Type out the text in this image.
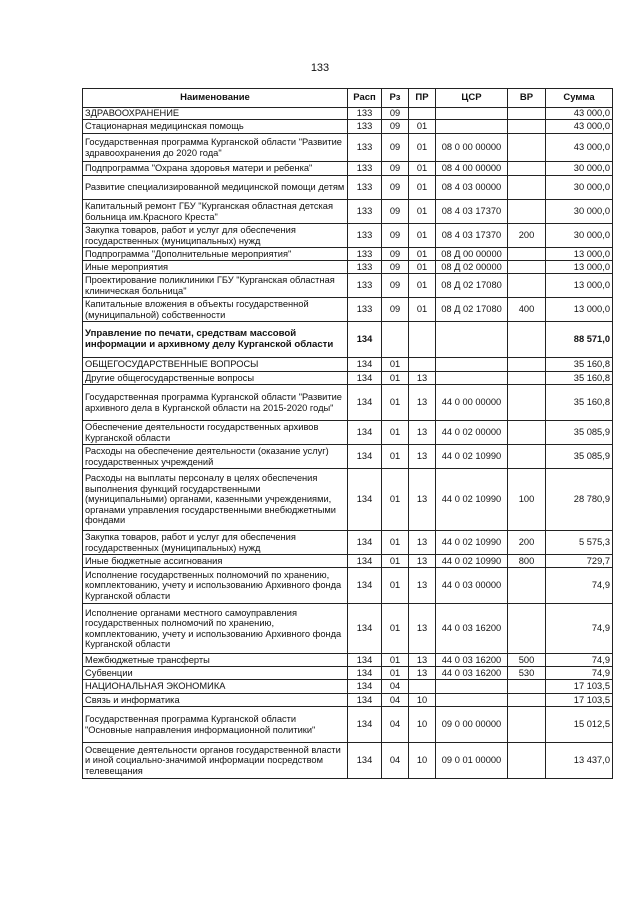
133
Наименование	Расп	Рз	ПР	ЦСР	ВР	Сумма
ЗДРАВООХРАНЕНИЕ	133	09				43 000,0
Стационарная медицинская помощь	133	09	01			43 000,0
Государственная программа Курганской области "Развитие здравоохранения до 2020 года"	133	09	01	08 0 00 00000		43 000,0
Подпрограмма "Охрана здоровья матери и ребенка"	133	09	01	08 4 00 00000		30 000,0
Развитие специализированной медицинской помощи детям	133	09	01	08 4 03 00000		30 000,0
Капитальный ремонт ГБУ "Курганская областная детская больница им.Красного Креста"	133	09	01	08 4 03 17370		30 000,0
Закупка товаров, работ и услуг для обеспечения государственных (муниципальных) нужд	133	09	01	08 4 03 17370	200	30 000,0
Подпрограмма "Дополнительные мероприятия"	133	09	01	08 Д 00 00000		13 000,0
Иные мероприятия	133	09	01	08 Д 02 00000		13 000,0
Проектирование поликлиники ГБУ "Курганская областная клиническая больница"	133	09	01	08 Д 02 17080		13 000,0
Капитальные вложения в объекты государственной (муниципальной) собственности	133	09	01	08 Д 02 17080	400	13 000,0
Управление по печати, средствам массовой информации и архивному делу Курганской области	134					88 571,0
ОБЩЕГОСУДАРСТВЕННЫЕ ВОПРОСЫ	134	01				35 160,8
Другие общегосударственные вопросы	134	01	13			35 160,8
Государственная программа Курганской области "Развитие архивного дела в Курганской области на 2015-2020 годы"	134	01	13	44 0 00 00000		35 160,8
Обеспечение деятельности государственных архивов Курганской области	134	01	13	44 0 02 00000		35 085,9
Расходы на обеспечение деятельности (оказание услуг) государственных учреждений	134	01	13	44 0 02 10990		35 085,9
Расходы на выплаты персоналу в целях обеспечения выполнения функций государственными (муниципальными) органами, казенными учреждениями, органами управления государственными внебюджетными фондами	134	01	13	44 0 02 10990	100	28 780,9
Закупка товаров, работ и услуг для обеспечения государственных (муниципальных) нужд	134	01	13	44 0 02 10990	200	5 575,3
Иные бюджетные ассигнования	134	01	13	44 0 02 10990	800	729,7
Исполнение государственных полномочий по хранению, комплектованию, учету и использованию Архивного фонда Курганской области	134	01	13	44 0 03 00000		74,9
Исполнение органами местного самоуправления государственных полномочий по хранению, комплектованию, учету и использованию Архивного фонда Курганской области	134	01	13	44 0 03 16200		74,9
Межбюджетные трансферты	134	01	13	44 0 03 16200	500	74,9
Субвенции	134	01	13	44 0 03 16200	530	74,9
НАЦИОНАЛЬНАЯ ЭКОНОМИКА	134	04				17 103,5
Связь и информатика	134	04	10			17 103,5
Государственная программа Курганской области "Основные направления информационной политики"	134	04	10	09 0 00 00000		15 012,5
Освещение деятельности органов государственной власти и иной социально-значимой информации посредством телевещания	134	04	10	09 0 01 00000		13 437,0
